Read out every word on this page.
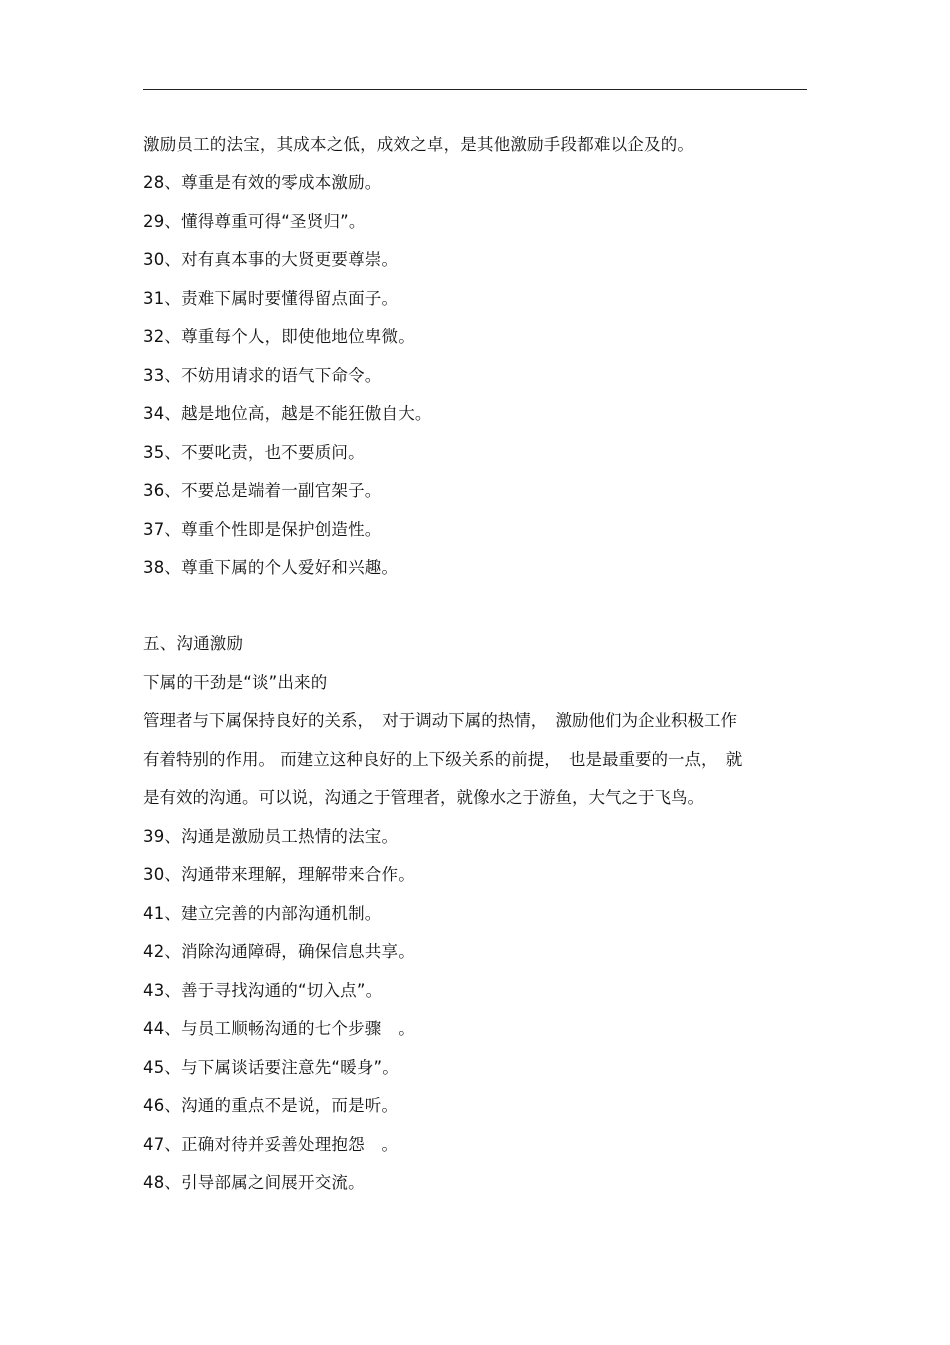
激励员工的法宝，其成本之低，成效之卓，是其他激励手段都难以企及的。
28、尊重是有效的零成本激励。
29、懂得尊重可得“圣贤归”。
30、对有真本事的大贤更要尊崇。
31、责难下属时要懂得留点面子。
32、尊重每个人，即使他地位卑微。
33、不妨用请求的语气下命令。
34、越是地位高，越是不能狂傲自大。
35、不要叱责，也不要质问。
36、不要总是端着一副官架子。
37、尊重个性即是保护创造性。
38、尊重下属的个人爱好和兴趣。
五、沟通激励
下属的干劲是“谈”出来的
管理者与下属保持良好的关系，　对于调动下属的热情，　激励他们为企业积极工作
有着特别的作用。 而建立这种良好的上下级关系的前提，　也是最重要的一点，　就
是有效的沟通。可以说，沟通之于管理者，就像水之于游鱼，大气之于飞鸟。
39、沟通是激励员工热情的法宝。
30、沟通带来理解，理解带来合作。
41、建立完善的内部沟通机制。
42、消除沟通障碍，确保信息共享。
43、善于寻找沟通的“切入点”。
44、与员工顺畅沟通的七个步骤　。
45、与下属谈话要注意先“暖身”。
46、沟通的重点不是说，而是听。
47、正确对待并妥善处理抱怨　。
48、引导部属之间展开交流。
